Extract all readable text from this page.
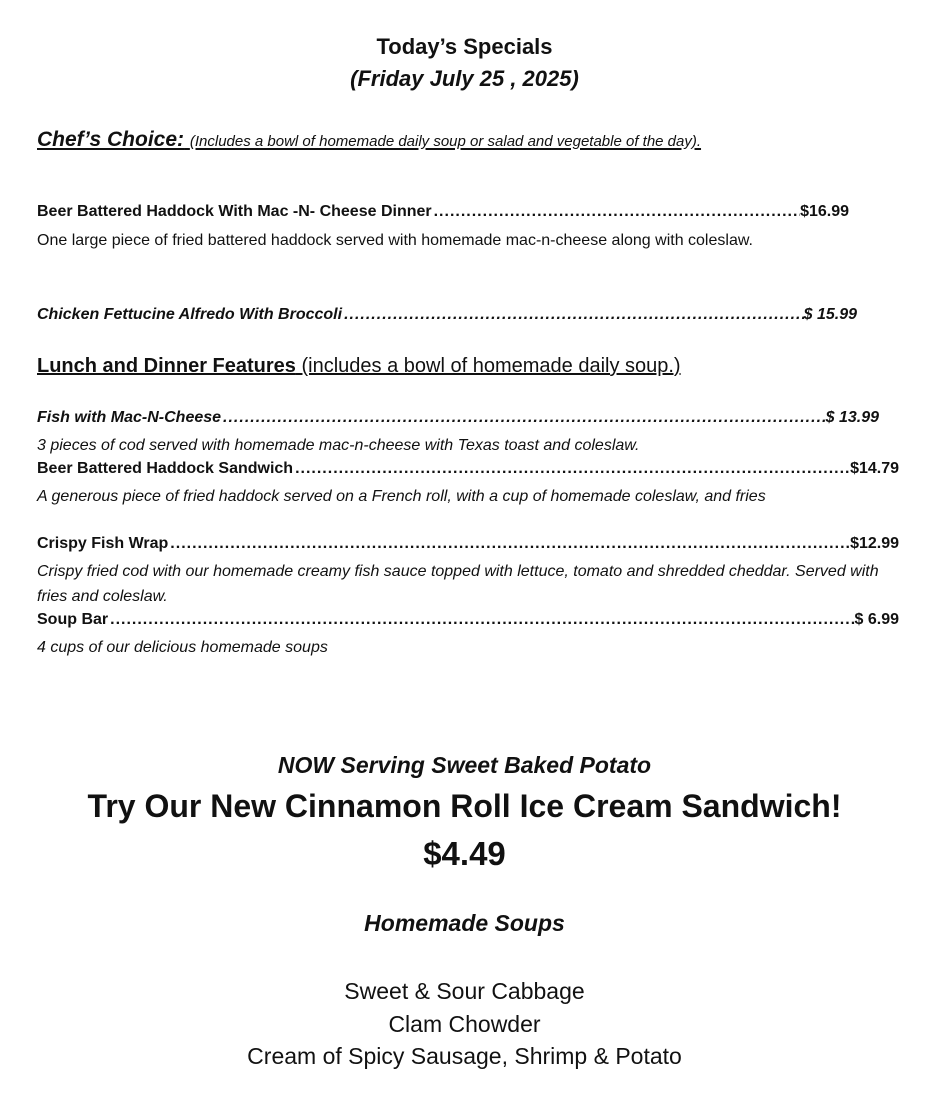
Today’s Specials
(Friday July 25 , 2025)
Chef’s Choice: (Includes a bowl of homemade daily soup or salad and vegetable of the day).
Beer Battered Haddock With Mac -N- Cheese Dinner .....	$16.99
One large piece of fried battered haddock served with homemade mac-n-cheese along with coleslaw.
Chicken Fettucine Alfredo With Broccoli .....	$ 15.99
Lunch and Dinner Features (includes a bowl of homemade daily soup.)
Fish with Mac-N-Cheese .....	$ 13.99
3 pieces of cod served with homemade mac-n-cheese with Texas toast and coleslaw.
Beer Battered Haddock Sandwich .....	$14.79
A generous piece of fried haddock served on a French roll, with a cup of homemade coleslaw, and fries
Crispy Fish Wrap .....	$12.99
Crispy fried cod with our homemade creamy fish sauce topped with lettuce, tomato and shredded cheddar. Served with fries and coleslaw.
Soup Bar .....	$ 6.99
4 cups of our delicious homemade soups
NOW Serving Sweet Baked Potato
Try Our New Cinnamon Roll Ice Cream Sandwich!
$4.49
Homemade Soups
Sweet & Sour Cabbage
Clam Chowder
Cream of Spicy Sausage, Shrimp & Potato
